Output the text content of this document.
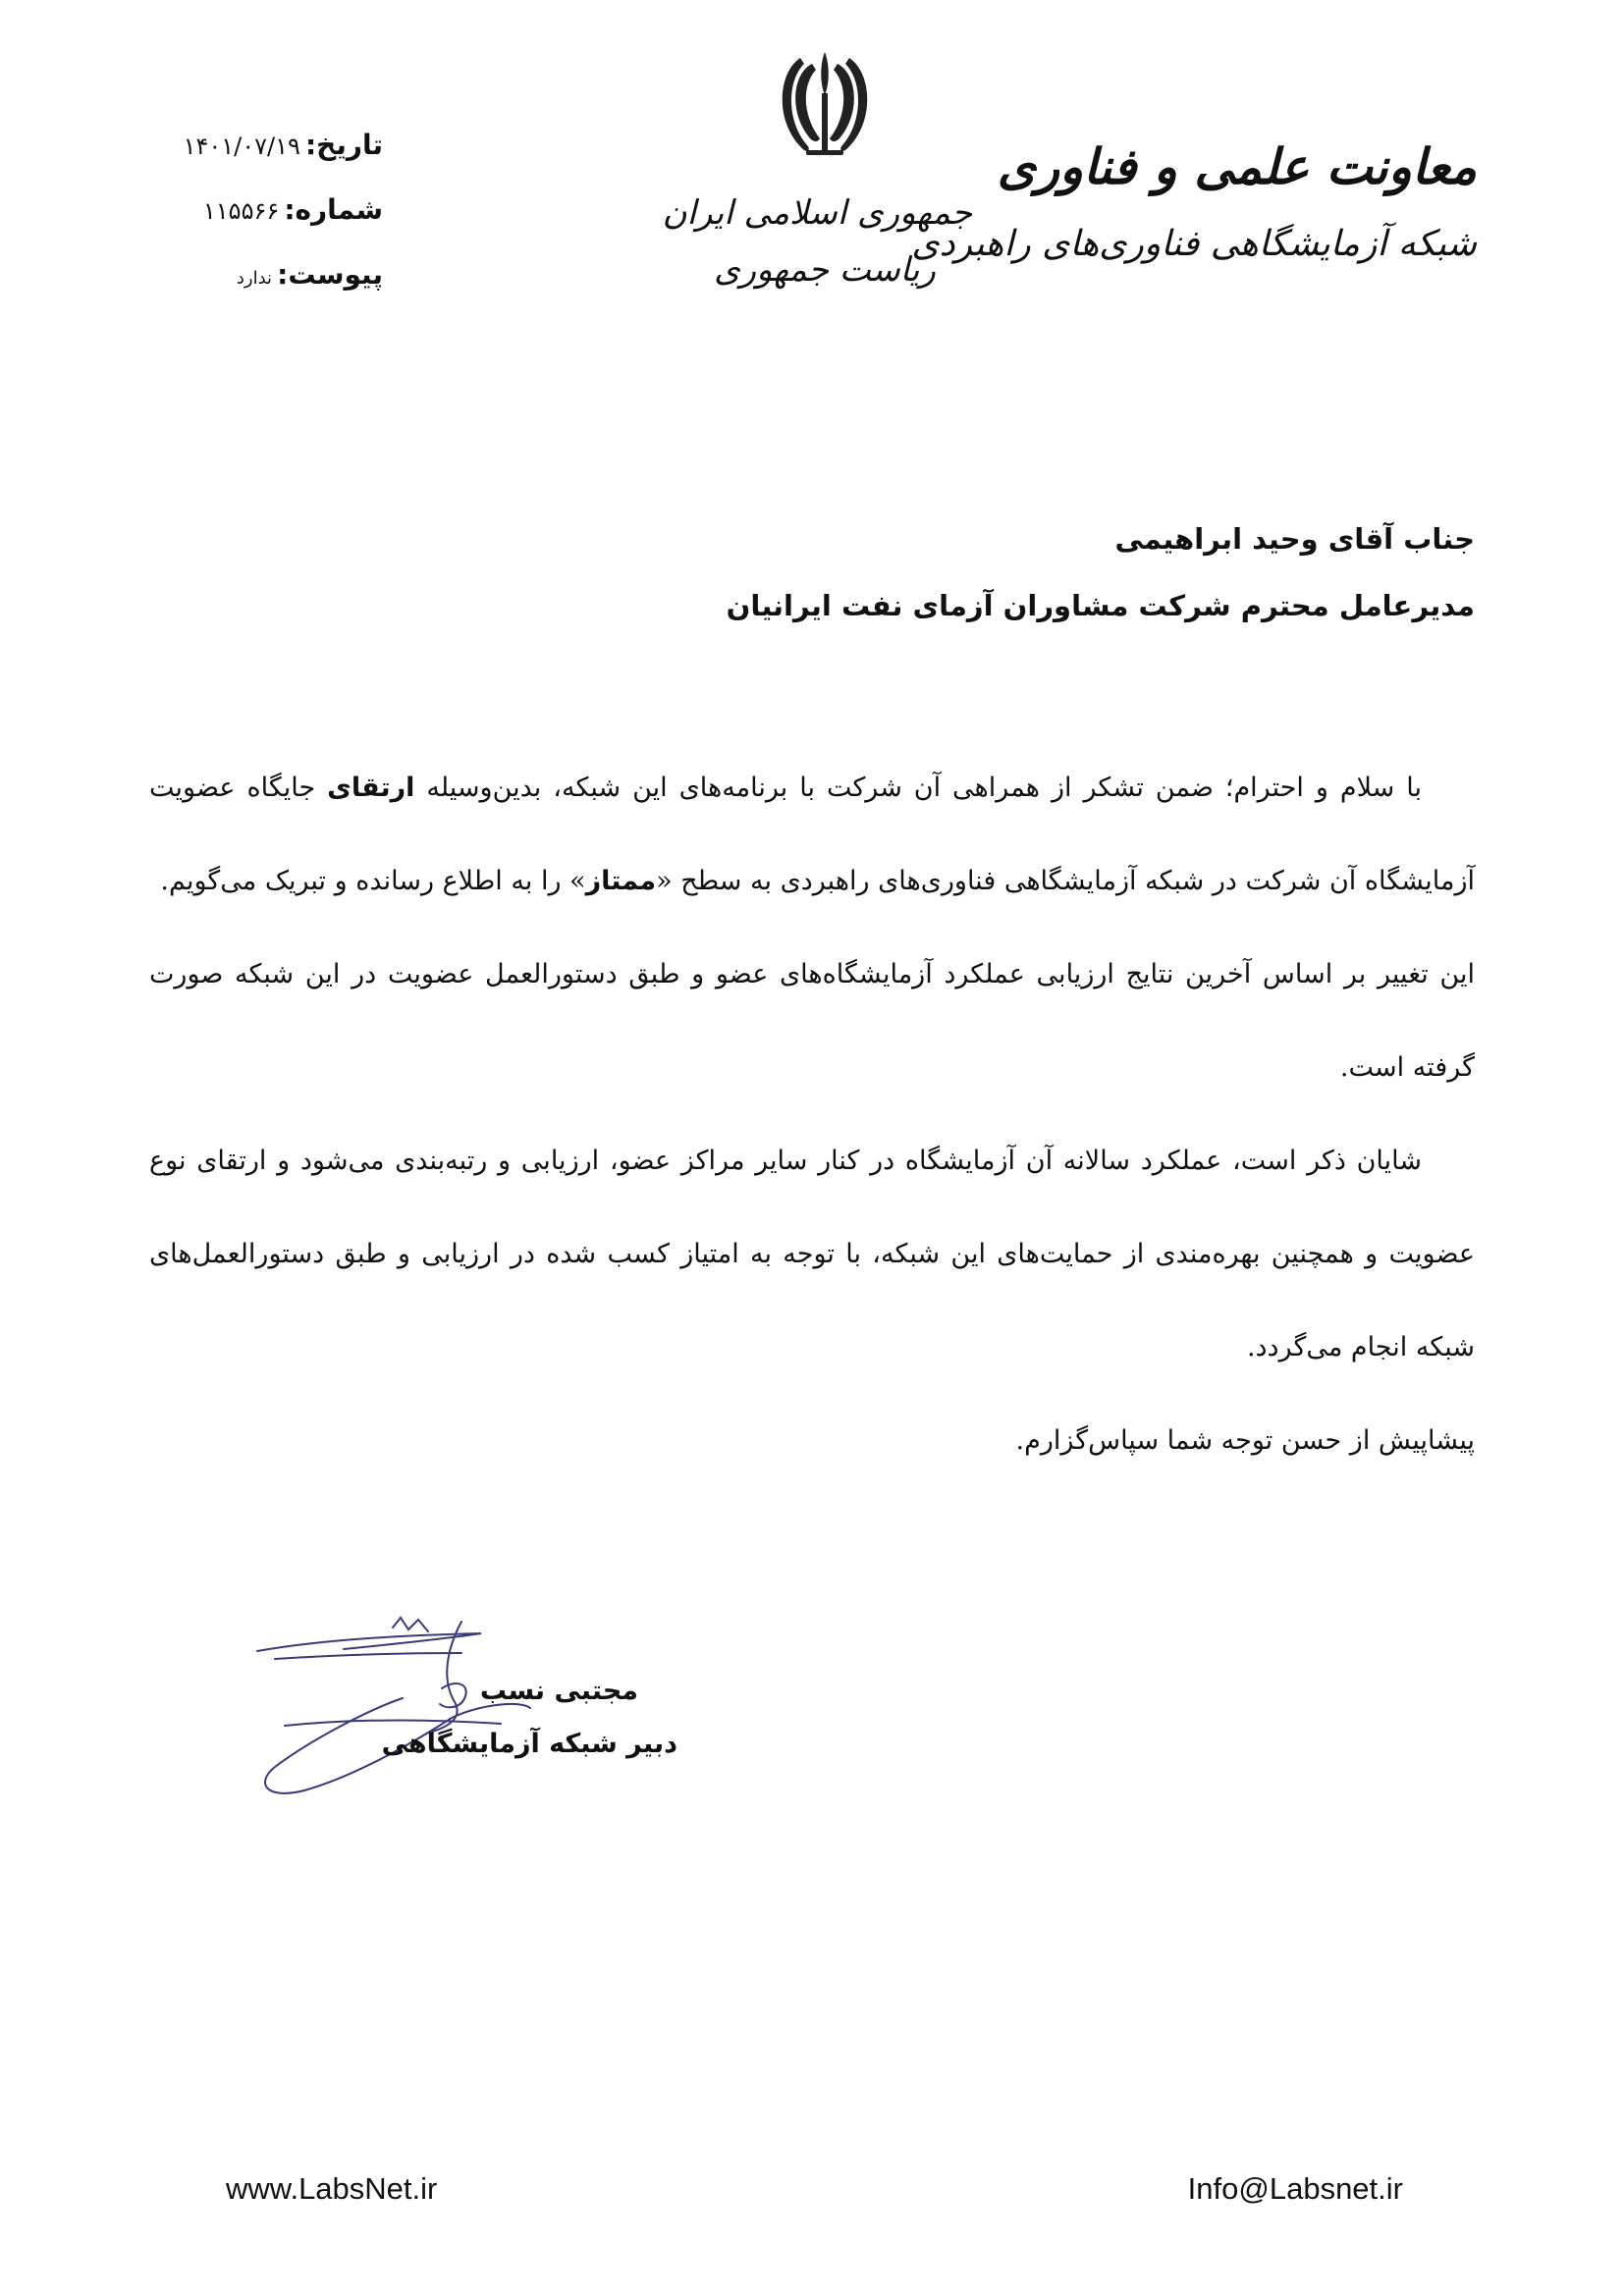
معاونت علمی و فناوری
شبکه آزمایشگاهی فناوری‌های راهبردی
جمهوری اسلامی ایران
ریاست جمهوری
تاریخ: ۱۴۰۱/۰۷/۱۹
شماره: ۱۱۵۵۶۶
پیوست: ندارد
جناب آقای وحید ابراهیمی
مدیرعامل محترم شرکت مشاوران آزمای نفت ایرانیان

با سلام و احترام؛ ضمن تشکر از همراهی آن شرکت با برنامه‌های این شبکه، بدین‌وسیله ارتقای جایگاه عضویت آزمایشگاه آن شرکت در شبکه آزمایشگاهی فناوری‌های راهبردی به سطح «ممتاز» را به اطلاع رسانده و تبریک می‌گویم.

این تغییر بر اساس آخرین نتایج ارزیابی عملکرد آزمایشگاه‌های عضو و طبق دستورالعمل عضویت در این شبکه صورت گرفته است.

شایان ذکر است، عملکرد سالانه آن آزمایشگاه در کنار سایر مراکز عضو، ارزیابی و رتبه‌بندی می‌شود و ارتقای نوع عضویت و همچنین بهره‌مندی از حمایت‌های این شبکه، با توجه به امتیاز کسب شده در ارزیابی و طبق دستورالعمل‌های شبکه انجام می‌گردد.

پیشاپیش از حسن توجه شما سپاس‌گزارم.

مجتبی نسب
دبیر شبکه آزمایشگاهی
www.LabsNet.ir	Info@Labsnet.ir
